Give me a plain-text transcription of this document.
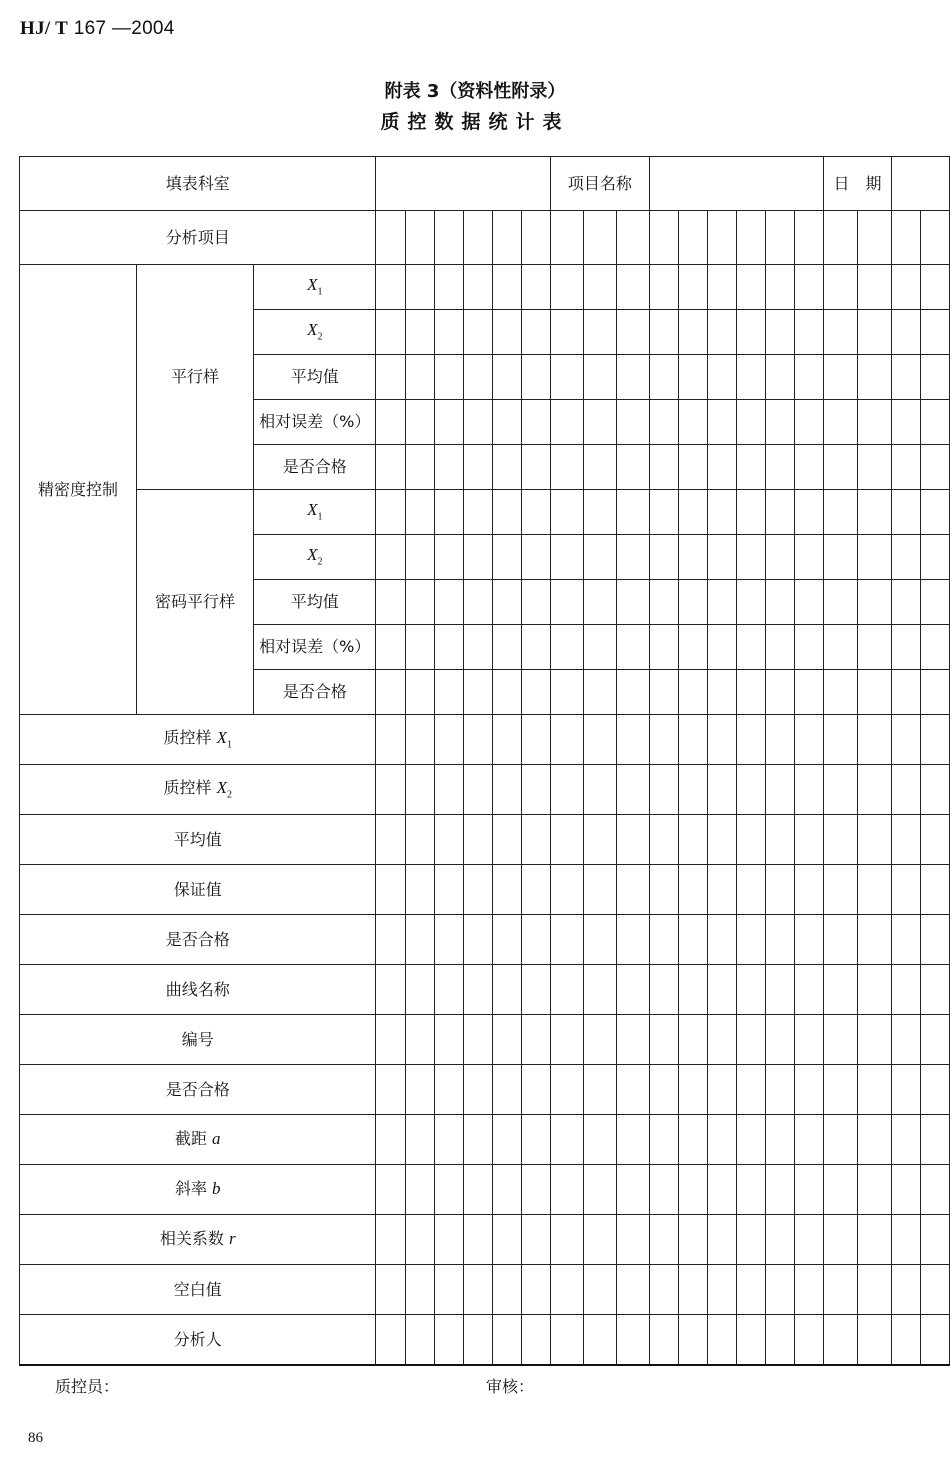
HJ/ T 167 —2004
附表 3（资料性附录）
质控数据统计表
填表科室									项目名称									日　期			
分析项目																					
精密度控制	平行样	$X_1$																			
		$X_2$																			
		平均值																			
		相对误差（%）																			
		是否合格																			
	密码平行样	$X_1$																			
		$X_2$																			
		平均值																			
		相对误差（%）																			
		是否合格																			
质控样 $X_1$																			
质控样 $X_2$																			
平均值																					
保证值																					
是否合格																					
曲线名称																					
编号																					
是否合格																					
截距 a																					
斜率 b																					
相关系数 r																					
空白值																					
分析人																					
质控员：	审核：
86
